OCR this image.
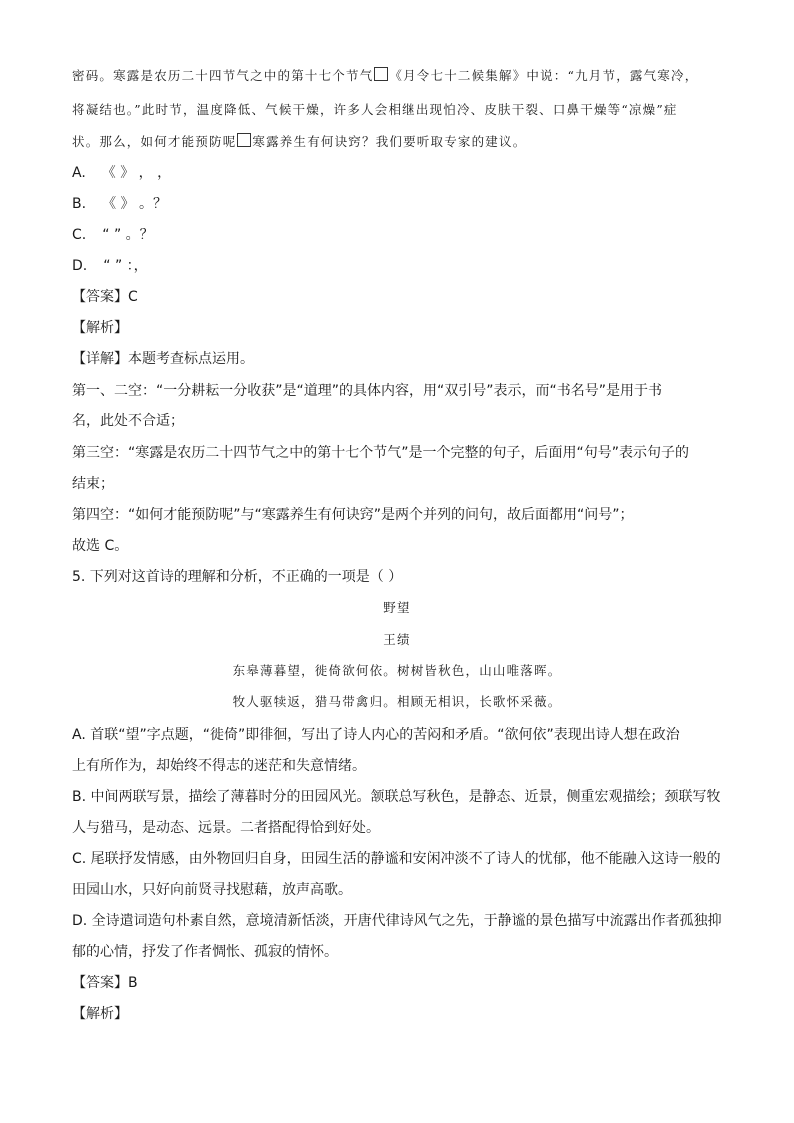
密码。寒露是农历二十四节气之中的第十七个节气 《月令七十二候集解》中说：“九月节，露气寒冷，
将凝结也。”此时节，温度降低、气候干燥，许多人会相继出现怕冷、皮肤干裂、口鼻干燥等“凉燥”症
状。那么，如何才能预防呢 寒露养生有何诀窍？我们要听取专家的建议。
A. 《 》 ， ，
B. 《 》 。？
C. “ ” 。？
D. “ ” ：，
【答案】C
【解析】
【详解】本题考查标点运用。
第一、二空：“一分耕耘一分收获”是“道理”的具体内容，用“双引号”表示，而“书名号”是用于书
名，此处不合适；
第三空：“寒露是农历二十四节气之中的第十七个节气”是一个完整的句子，后面用“句号”表示句子的
结束；
第四空：“如何才能预防呢”与“寒露养生有何诀窍”是两个并列的问句，故后面都用“问号”；
故选 C。
5. 下列对这首诗的理解和分析，不正确的一项是（ ）
野望
王绩
东皋薄暮望，徙倚欲何依。树树皆秋色，山山唯落晖。
牧人驱犊返，猎马带禽归。相顾无相识，长歌怀采薇。
A. 首联“望”字点题，“徙倚”即徘徊，写出了诗人内心的苦闷和矛盾。“欲何依”表现出诗人想在政治
上有所作为，却始终不得志的迷茫和失意情绪。
B. 中间两联写景，描绘了薄暮时分的田园风光。颔联总写秋色，是静态、近景，侧重宏观描绘；颈联写牧
人与猎马，是动态、远景。二者搭配得恰到好处。
C. 尾联抒发情感，由外物回归自身，田园生活的静谧和安闲冲淡不了诗人的忧郁，他不能融入这诗一般的
田园山水，只好向前贤寻找慰藉，放声高歌。
D. 全诗遣词造句朴素自然，意境清新恬淡，开唐代律诗风气之先，于静谧的景色描写中流露出作者孤独抑
郁的心情，抒发了作者惆怅、孤寂的情怀。
【答案】B
【解析】
